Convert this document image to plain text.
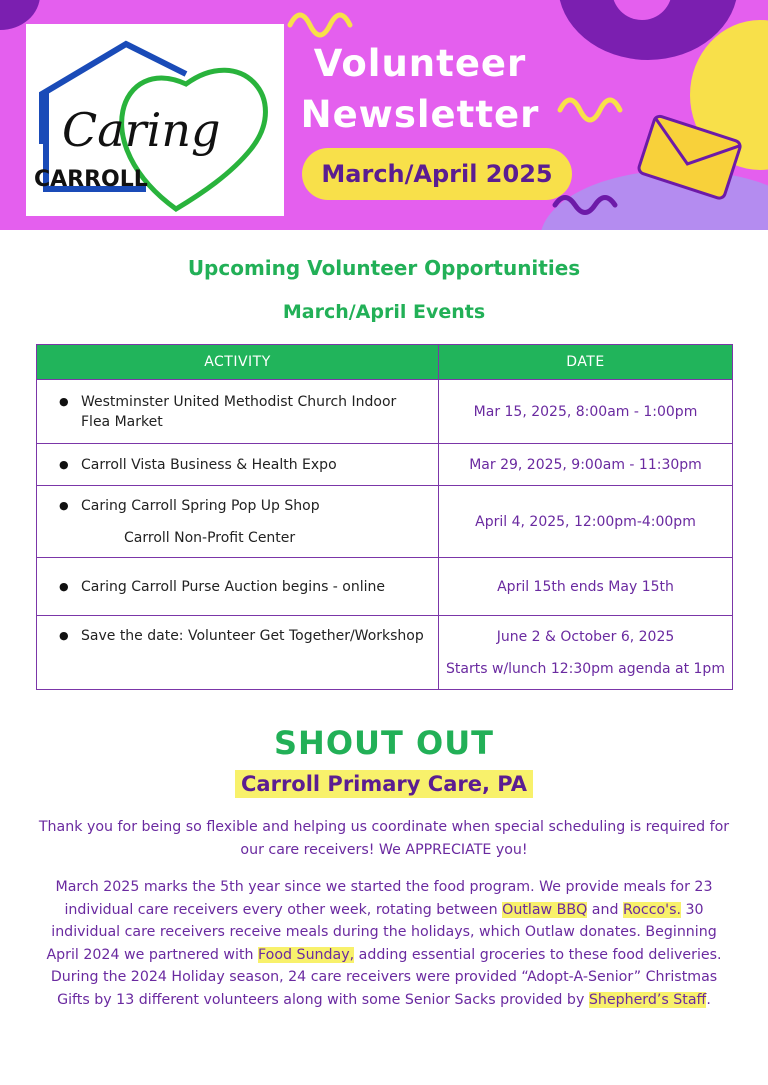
Caring
CARROLL
Volunteer
Newsletter
March/April 2025
Upcoming Volunteer Opportunities
March/April Events
ACTIVITY	DATE
● Westminster United Methodist Church Indoor Flea Market	Mar 15, 2025, 8:00am - 1:00pm
● Carroll Vista Business & Health Expo	Mar 29, 2025, 9:00am - 11:30pm

● Caring Carroll Spring Pop Up Shop
Carroll Non-Profit Center	April 4, 2025, 12:00pm-4:00pm
● Caring Carroll Purse Auction begins - online	April 15th ends May 15th
● Save the date: Volunteer Get Together/Workshop	June 2 & October 6, 2025
Starts w/lunch 12:30pm agenda at 1pm
SHOUT OUT
Carroll Primary Care, PA
Thank you for being so flexible and helping us coordinate when special scheduling is required for our care receivers! We APPRECIATE you!
March 2025 marks the 5th year since we started the food program. We provide meals for 23 individual care receivers every other week, rotating between Outlaw BBQ and Rocco's. 30 individual care receivers receive meals during the holidays, which Outlaw donates. Beginning April 2024 we partnered with Food Sunday, adding essential groceries to these food deliveries. During the 2024 Holiday season, 24 care receivers were provided “Adopt-A-Senior” Christmas Gifts by 13 different volunteers along with some Senior Sacks provided by Shepherd’s Staff.
